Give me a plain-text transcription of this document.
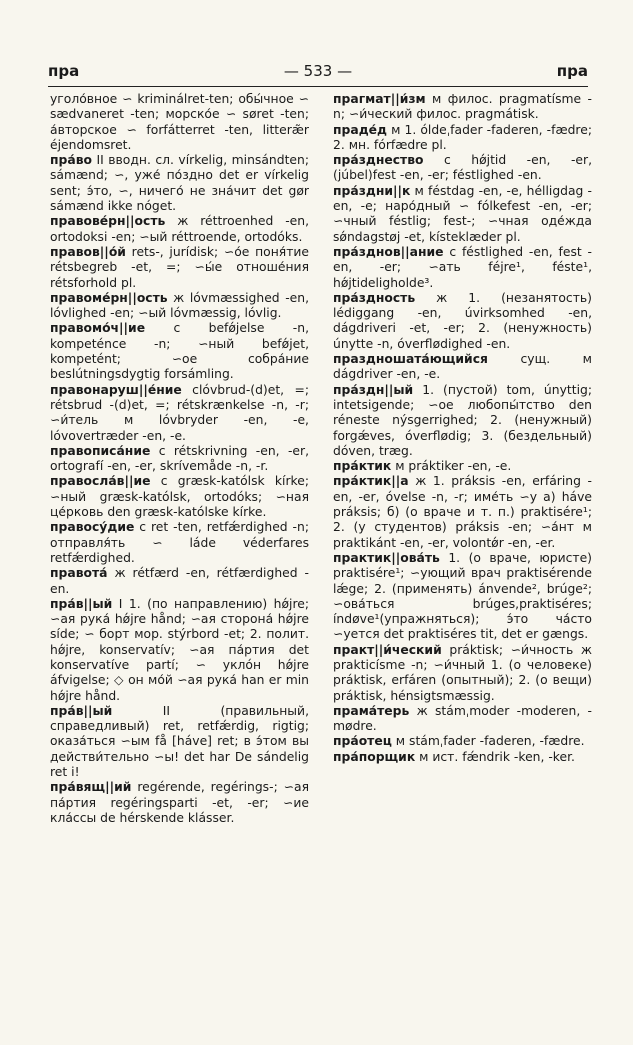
пра	— 533 —	пра
уголо́вное ∽ kriminálret-ten; обы́чное ∽ sædvaneret -ten; морско́е ∽ søret -ten; а́вторское ∽ forfátterret -ten, litteræ̃r éjendomsret.
пра́во II вводн. сл. vírkelig, minsándten; sámænd; ∽, уже́ по́здно det er vírkelig sent; э́то, ∽, ничего́ не зна́чит det gør sámænd ikke nóget.
правове́рн||ость ж réttroenhed -en, ortodoksi -en; ∽ый réttroende, ortodóks.
правов||о́й rets-, jurídisk; ∽о́е поня́тие rétsbegreb -et, =; ∽ы́е отноше́ния rétsforhold pl.
правоме́рн||ость ж lóvmæssighed -en, lóvlighed -en; ∽ый lóvmæssig, lóvlig.
правомо́ч||ие с befǿjelse -n, kompeténce -n; ∽ный befǿjet, kompetént; ∽ое собра́ние beslútningsdygtig forsámling.
правонаруш||е́ние clóvbrud-(d)et, =; rétsbrud -(d)et, =; rétskrænkelse -n, -r; ∽и́тель м lóvbryder -en, -e, lóvovertræder -en, -e.
правописа́ние с rétskrivning -en, -er, ortografí -en, -er, skrívemåde -n, -r.
правосла́в||ие с græsk-katólsk kírke; ∽ный græsk-katólsk, ortodóks; ∽ная це́рковь den græsk-katólske kírke.
правосу́дие с ret -ten, retfǽrdighed -n; отправля́ть ∽ láde véderfares retfǽrdighed.
правота́ ж rétfærd -en, rétfærdighed -en.
пра́в||ый I 1. (по направлению) hǿjre; ∽ая рука́ hǿjre hånd; ∽ая сторона́ hǿjre síde; ∽ борт мор. stýrbord -et; 2. полит. hǿjre, konservatív; ∽ая па́ртия det konservatíve partí; ∽ уклóн hǿjre áfvigelse; ◇ он мо́й ∽ая рука́ han er min hǿjre hånd.
пра́в||ый II (правильный, справедливый) ret, retfǽrdig, rigtig; оказа́ться ∽ым få [háve] ret; в э́том вы действи́тельно ∽ы! det har De sándelig ret i!
пра́вящ||ий regérende, regérings-; ∽ая па́ртия regéringsparti -et, -er; ∽ие кла́ссы de hérskende klásser.
прагмат||и́зм м филос. pragmatísme -n; ∽и́ческий филос. pragmátisk.
праде́д м 1. óldeˌfader -faderen, -fædre; 2. мн. fórfædre pl.
пра́зднество с hǿjtid -en, -er, (júbel)fest -en, -er; féstlighed -en.
пра́здни||к м féstdag -en, -e, hélligdag -en, -e; наро́дный ∽ fólkefest -en, -er; ∽чный féstlig; fest-; ∽чная оде́жда sǿndagstøj -et, kísteklæder pl.
пра́зднов||ание с féstlighed -en, fest -en, -er; ∽ать féjre¹, féste¹, hǿjtideligholde³.
пра́здность ж 1. (незанятость) lédiggang -en, úvirksomhed -en, dágdriveri -et, -er; 2. (ненужность) únytte -n, óverflødighed -en.
праздношата́ющийся сущ. м dágdriver -en, -e.
пра́здн||ый 1. (пустой) tom, únyttig; intetsigende; ∽ое любопы́тство den réneste nýsgerrighed; 2. (ненужный) forgǽves, óverflødig; 3. (бездельный) dóven, træg.
пра́ктик м práktiker -en, -e.
пра́ктик||а ж 1. práksis -en, erfáring -en, -er, óvelse -n, -r; име́ть ∽у a) háve práksis; б) (о враче и т. п.) praktisére¹; 2. (у студентов) práksis -en; ∽а́нт м praktikánt -en, -er, volontǿr -en, -er.
практик||ова́ть 1. (о враче, юристе) praktisére¹; ∽ующий врач praktisérende lǽge; 2. (применять) ánvende², brúge²; ∽ова́ться brúges,praktiséres; índøve¹(упражняться); э́то ча́сто ∽уется det praktiséres tit, det er gængs.
практ||и́ческий práktisk; ∽и́чность ж prakticísme -n; ∽и́чный 1. (о человеке) práktisk, erfáren (опытный); 2. (о вещи) práktisk, hénsigtsmæssig.
прама́терь ж stámˌmoder -moderen, -mødre.
пра́отец м stámˌfader -faderen, -fædre.
пра́порщик м ист. fǽndrik -ken, -ker.
